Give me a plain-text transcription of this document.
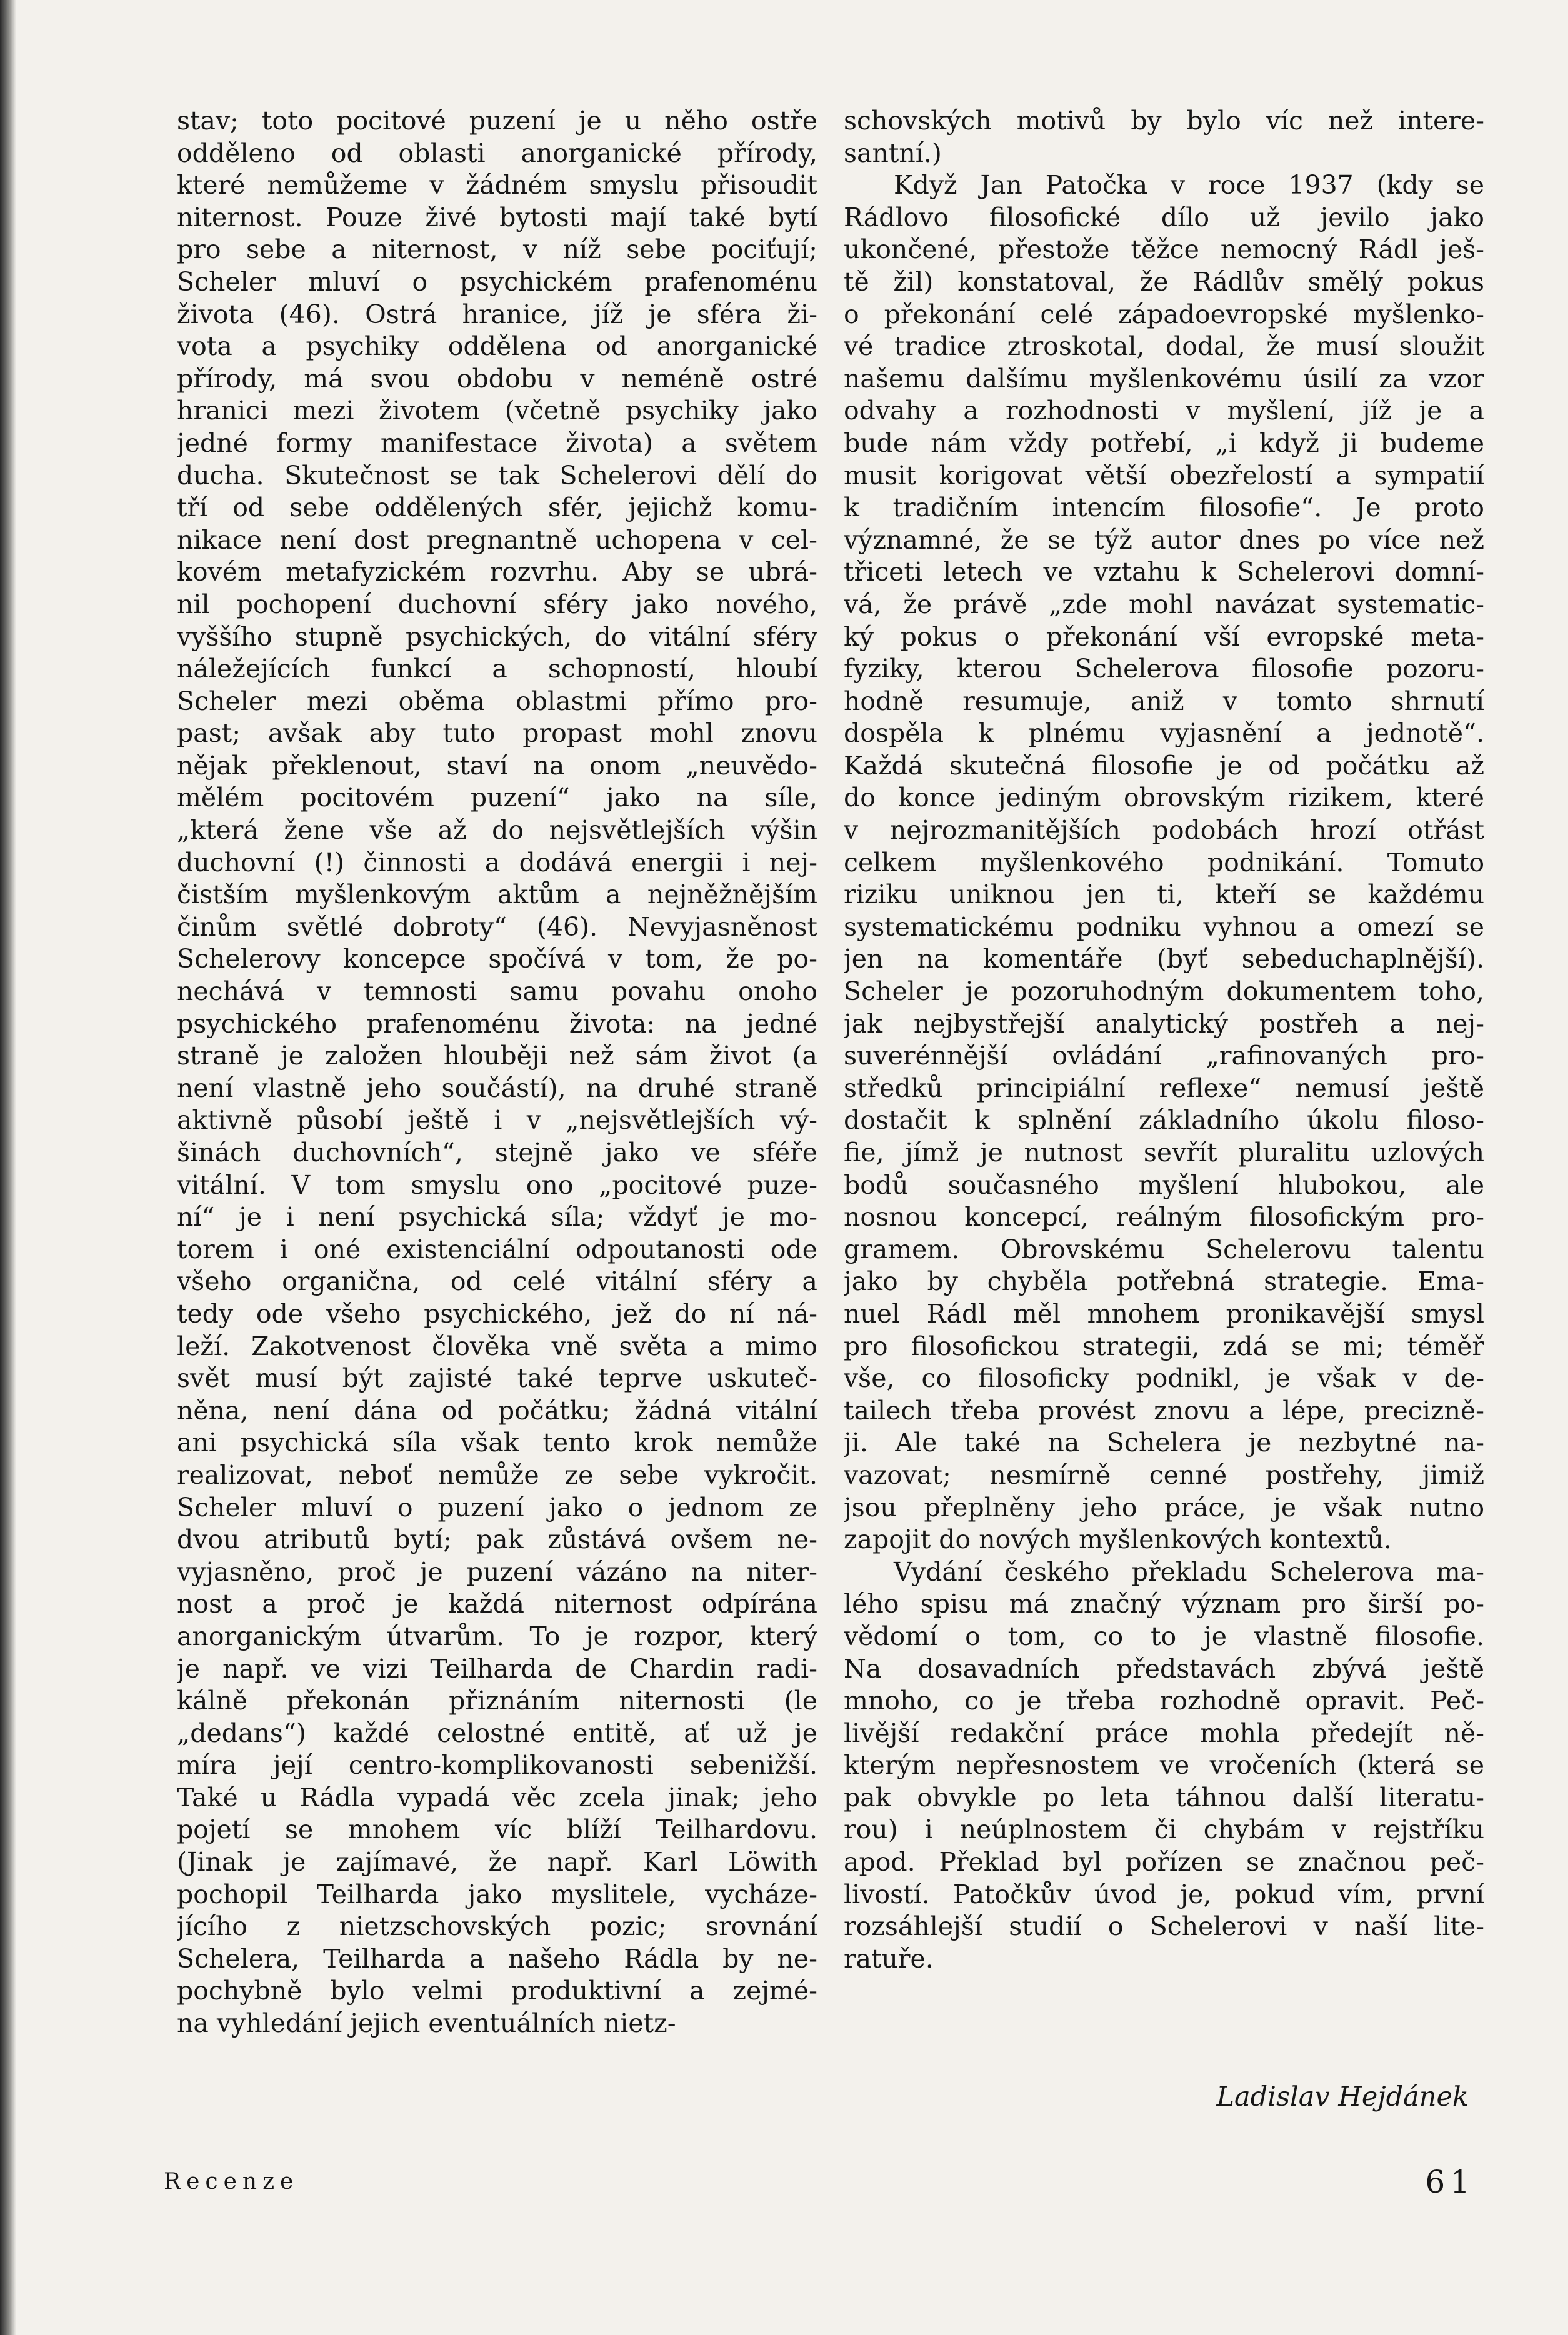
stav; toto pocitové puzení je u něho ostře
odděleno od oblasti anorganické přírody,
které nemůžeme v žádném smyslu přisoudit
niternost. Pouze živé bytosti mají také bytí
pro sebe a niternost, v níž sebe pociťují;
Scheler mluví o psychickém prafenoménu
života (46). Ostrá hranice, jíž je sféra ži-
vota a psychiky oddělena od anorganické
přírody, má svou obdobu v neméně ostré
hranici mezi životem (včetně psychiky jako
jedné formy manifestace života) a světem
ducha. Skutečnost se tak Schelerovi dělí do
tří od sebe oddělených sfér, jejichž komu-
nikace není dost pregnantně uchopena v cel-
kovém metafyzickém rozvrhu. Aby se ubrá-
nil pochopení duchovní sféry jako nového,
vyššího stupně psychických, do vitální sféry
náležejících funkcí a schopností, hloubí
Scheler mezi oběma oblastmi přímo pro-
past; avšak aby tuto propast mohl znovu
nějak překlenout, staví na onom „neuvědo-
mělém pocitovém puzení“ jako na síle,
„která žene vše až do nejsvětlejších výšin
duchovní (!) činnosti a dodává energii i nej-
čistším myšlenkovým aktům a nejněžnějším
činům světlé dobroty“ (46). Nevyjasněnost
Schelerovy koncepce spočívá v tom, že po-
nechává v temnosti samu povahu onoho
psychického prafenoménu života: na jedné
straně je založen hlouběji než sám život (a
není vlastně jeho součástí), na druhé straně
aktivně působí ještě i v „nejsvětlejších vý-
šinách duchovních“, stejně jako ve sféře
vitální. V tom smyslu ono „pocitové puze-
ní“ je i není psychická síla; vždyť je mo-
torem i oné existenciální odpoutanosti ode
všeho organična, od celé vitální sféry a
tedy ode všeho psychického, jež do ní ná-
leží. Zakotvenost člověka vně světa a mimo
svět musí být zajisté také teprve uskuteč-
něna, není dána od počátku; žádná vitální
ani psychická síla však tento krok nemůže
realizovat, neboť nemůže ze sebe vykročit.
Scheler mluví o puzení jako o jednom ze
dvou atributů bytí; pak zůstává ovšem ne-
vyjasněno, proč je puzení vázáno na niter-
nost a proč je každá niternost odpírána
anorganickým útvarům. To je rozpor, který
je např. ve vizi Teilharda de Chardin radi-
kálně překonán přiznáním niternosti (le
„dedans“) každé celostné entitě, ať už je
míra její centro-komplikovanosti sebenižší.
Také u Rádla vypadá věc zcela jinak; jeho
pojetí se mnohem víc blíží Teilhardovu.
(Jinak je zajímavé, že např. Karl Löwith
pochopil Teilharda jako myslitele, vycháze-
jícího z nietzschovských pozic; srovnání
Schelera, Teilharda a našeho Rádla by ne-
pochybně bylo velmi produktivní a zejmé-
na vyhledání jejich eventuálních nietz-
schovských motivů by bylo víc než intere-
santní.)
Když Jan Patočka v roce 1937 (kdy se
Rádlovo filosofické dílo už jevilo jako
ukončené, přestože těžce nemocný Rádl ješ-
tě žil) konstatoval, že Rádlův smělý pokus
o překonání celé západoevropské myšlenko-
vé tradice ztroskotal, dodal, že musí sloužit
našemu dalšímu myšlenkovému úsilí za vzor
odvahy a rozhodnosti v myšlení, jíž je a
bude nám vždy potřebí, „i když ji budeme
musit korigovat větší obezřelostí a sympatií
k tradičním intencím filosofie“. Je proto
významné, že se týž autor dnes po více než
třiceti letech ve vztahu k Schelerovi domní-
vá, že právě „zde mohl navázat systematic-
ký pokus o překonání vší evropské meta-
fyziky, kterou Schelerova filosofie pozoru-
hodně resumuje, aniž v tomto shrnutí
dospěla k plnému vyjasnění a jednotě“.
Každá skutečná filosofie je od počátku až
do konce jediným obrovským rizikem, které
v nejrozmanitějších podobách hrozí otřást
celkem myšlenkového podnikání. Tomuto
riziku uniknou jen ti, kteří se každému
systematickému podniku vyhnou a omezí se
jen na komentáře (byť sebeduchaplnější).
Scheler je pozoruhodným dokumentem toho,
jak nejbystřejší analytický postřeh a nej-
suverénnější ovládání „rafinovaných pro-
středků principiální reflexe“ nemusí ještě
dostačit k splnění základního úkolu filoso-
fie, jímž je nutnost sevřít pluralitu uzlových
bodů současného myšlení hlubokou, ale
nosnou koncepcí, reálným filosofickým pro-
gramem. Obrovskému Schelerovu talentu
jako by chyběla potřebná strategie. Ema-
nuel Rádl měl mnohem pronikavější smysl
pro filosofickou strategii, zdá se mi; téměř
vše, co filosoficky podnikl, je však v de-
tailech třeba provést znovu a lépe, precizně-
ji. Ale také na Schelera je nezbytné na-
vazovat; nesmírně cenné postřehy, jimiž
jsou přeplněny jeho práce, je však nutno
zapojit do nových myšlenkových kontextů.
Vydání českého překladu Schelerova ma-
lého spisu má značný význam pro širší po-
vědomí o tom, co to je vlastně filosofie.
Na dosavadních představách zbývá ještě
mnoho, co je třeba rozhodně opravit. Peč-
livější redakční práce mohla předejít ně-
kterým nepřesnostem ve vročeních (která se
pak obvykle po leta táhnou další literatu-
rou) i neúplnostem či chybám v rejstříku
apod. Překlad byl pořízen se značnou peč-
livostí. Patočkův úvod je, pokud vím, první
rozsáhlejší studií o Schelerovi v naší lite-
ratuře.
Ladislav Hejdánek
Recenze	61
